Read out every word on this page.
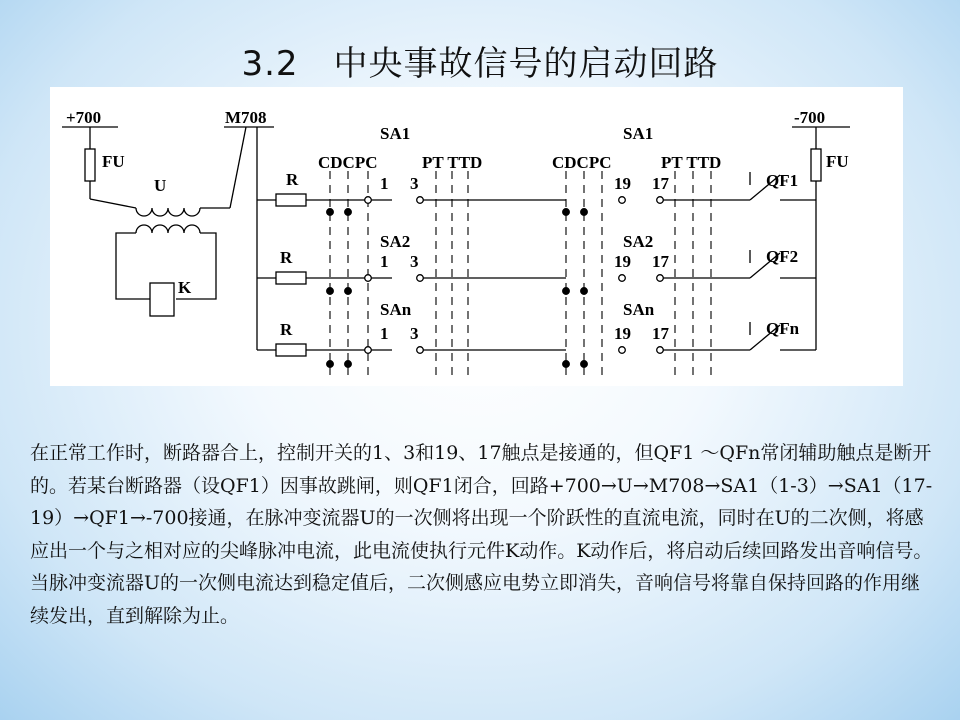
3.2　中央事故信号的启动回路
+700	M708	-700
FU
U
K
FU
CDCPC	PT TTD	CDCPC	PT TTD
SA1	SA1
R	1 3	19 17	QF1
SA2	SA2
R	1 3	19 17	QF2
SAn	SAn
R	1 3	19 17	QFn

在正常工作时，断路器合上，控制开关的1、3和19、17触点是接通的，但QF1 ～QFn常闭辅助触点是断开的。若某台断路器（设QF1）因事故跳闸，则QF1闭合，回路+700→U→M708→SA1（1-3）→SA1（17-19）→QF1→-700接通，在脉冲变流器U的一次侧将出现一个阶跃性的直流电流，同时在U的二次侧，将感应出一个与之相对应的尖峰脉冲电流，此电流使执行元件K动作。K动作后，将启动后续回路发出音响信号。当脉冲变流器U的一次侧电流达到稳定值后，二次侧感应电势立即消失，音响信号将靠自保持回路的作用继续发出，直到解除为止。
